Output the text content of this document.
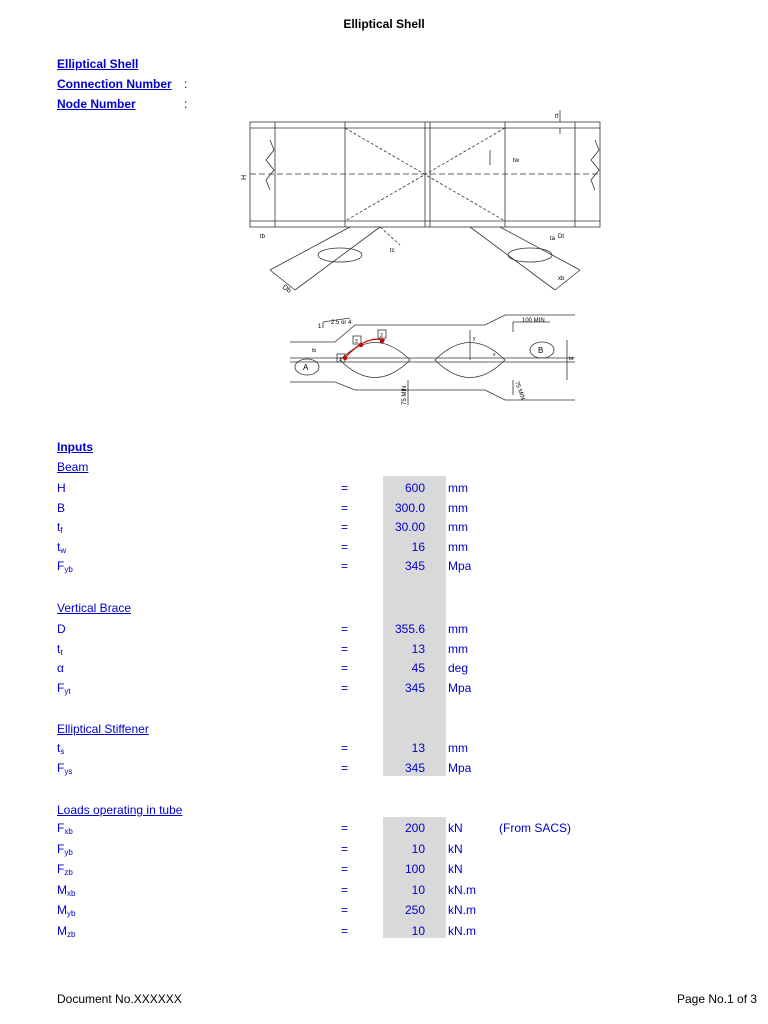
Elliptical Shell
Elliptical Shell
Connection Number :
Node Number	:
H
tf
tw
tb
Db
tc
ta Dt
xb
2.5 or 4
1
100 MIN
A
B
1
3
2
75 MIN	75 MIN
tb
bt
y
x
Inputs
Beam
H	=	600 mm
B	=	300.0 mm
$t_f$	=	30.00 mm
$t_w$	=	16 mm
$F_{yb}$	=	345 Mpa
Vertical Brace
D	=	355.6 mm
$t_t$	=	13 mm
α	=	45 deg
$F_{yt}$	=	345 Mpa
Elliptical Stiffener
$t_s$	=	13 mm
$F_{ys}$	=	345 Mpa
Loads operating in tube
$F_{xb}$	=	200 kN	(From SACS)
$F_{yb}$	=	10 kN
$F_{zb}$	=	100 kN
$M_{xb}$	=	10 kN.m
$M_{yb}$	=	250 kN.m
$M_{zb}$	=	10 kN.m
Document No.XXXXXX	Page No.1 of 3
